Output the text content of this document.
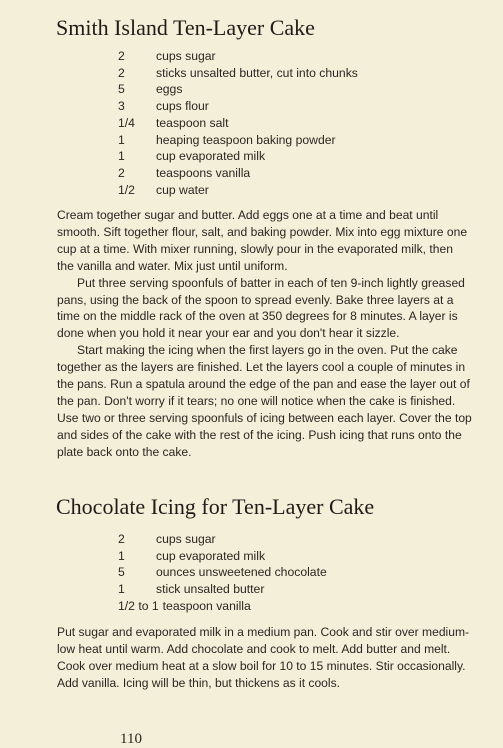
Smith Island Ten-Layer Cake
2	cups sugar
2	sticks unsalted butter, cut into chunks
5	eggs
3	cups flour
1/4	teaspoon salt
1	heaping teaspoon baking powder
1	cup evaporated milk
2	teaspoons vanilla
1/2	cup water

Cream together sugar and butter. Add eggs one at a time and beat until smooth. Sift together flour, salt, and baking powder. Mix into egg mixture one cup at a time. With mixer running, slowly pour in the evaporated milk, then the vanilla and water. Mix just until uniform.

Put three serving spoonfuls of batter in each of ten 9-inch lightly greased pans, using the back of the spoon to spread evenly. Bake three layers at a time on the middle rack of the oven at 350 degrees for 8 minutes. A layer is done when you hold it near your ear and you don't hear it sizzle.

Start making the icing when the first layers go in the oven. Put the cake together as the layers are finished. Let the layers cool a couple of minutes in the pans. Run a spatula around the edge of the pan and ease the layer out of the pan. Don't worry if it tears; no one will notice when the cake is finished. Use two or three serving spoonfuls of icing between each layer. Cover the top and sides of the cake with the rest of the icing. Push icing that runs onto the plate back onto the cake.

Chocolate Icing for Ten-Layer Cake
2	cups sugar
1	cup evaporated milk
5	ounces unsweetened chocolate
1	stick unsalted butter
1/2 to 1 teaspoon vanilla

Put sugar and evaporated milk in a medium pan. Cook and stir over medium-low heat until warm. Add chocolate and cook to melt. Add butter and melt. Cook over medium heat at a slow boil for 10 to 15 minutes. Stir occasionally. Add vanilla. Icing will be thin, but thickens as it cools.

110
